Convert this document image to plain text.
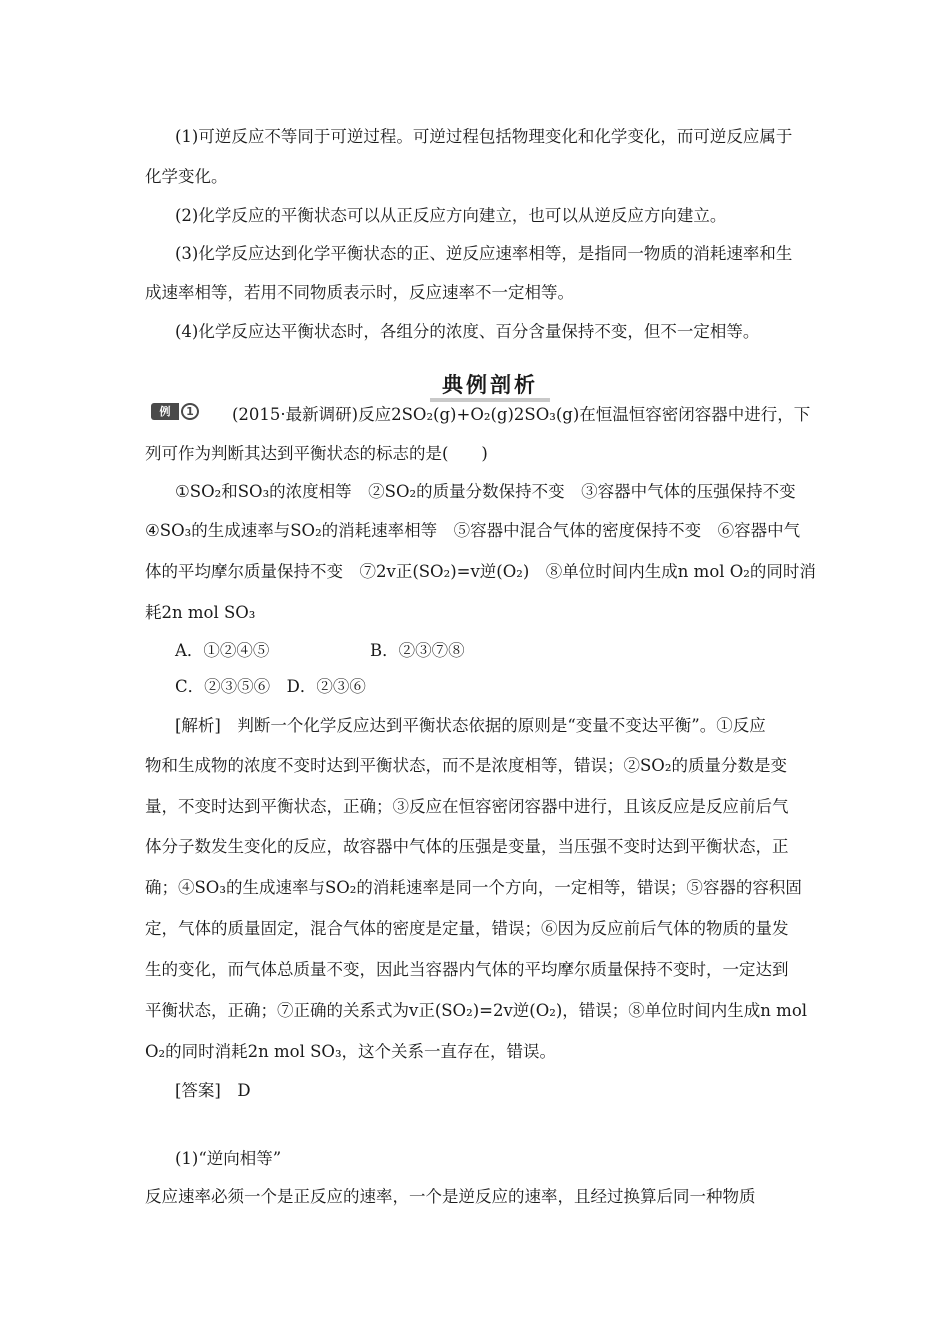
(1)可逆反应不等同于可逆过程。可逆过程包括物理变化和化学变化，而可逆反应属于
化学变化。
(2)化学反应的平衡状态可以从正反应方向建立，也可以从逆反应方向建立。
(3)化学反应达到化学平衡状态的正、逆反应速率相等，是指同一物质的消耗速率和生
成速率相等，若用不同物质表示时，反应速率不一定相等。
(4)化学反应达平衡状态时，各组分的浓度、百分含量保持不变，但不一定相等。
典例剖析
例	1	(2015·最新调研)反应2SO₂(g)+O₂(g)2SO₃(g)在恒温恒容密闭容器中进行，下
列可作为判断其达到平衡状态的标志的是(　　)
①SO₂和SO₃的浓度相等　②SO₂的质量分数保持不变　③容器中气体的压强保持不变
④SO₃的生成速率与SO₂的消耗速率相等　⑤容器中混合气体的密度保持不变　⑥容器中气
体的平均摩尔质量保持不变　⑦2v正(SO₂)=v逆(O₂)　⑧单位时间内生成n mol O₂的同时消
耗2n mol SO₃
A．①②④⑤	B．②③⑦⑧
C．②③⑤⑥　D．②③⑥
[解析]　判断一个化学反应达到平衡状态依据的原则是“变量不变达平衡”。①反应
物和生成物的浓度不变时达到平衡状态，而不是浓度相等，错误；②SO₂的质量分数是变
量，不变时达到平衡状态，正确；③反应在恒容密闭容器中进行，且该反应是反应前后气
体分子数发生变化的反应，故容器中气体的压强是变量，当压强不变时达到平衡状态，正
确；④SO₃的生成速率与SO₂的消耗速率是同一个方向，一定相等，错误；⑤容器的容积固
定，气体的质量固定，混合气体的密度是定量，错误；⑥因为反应前后气体的物质的量发
生的变化，而气体总质量不变，因此当容器内气体的平均摩尔质量保持不变时，一定达到
平衡状态，正确；⑦正确的关系式为v正(SO₂)=2v逆(O₂)，错误；⑧单位时间内生成n mol
O₂的同时消耗2n mol SO₃，这个关系一直存在，错误。
[答案]　D
(1)“逆向相等”
反应速率必须一个是正反应的速率，一个是逆反应的速率，且经过换算后同一种物质
